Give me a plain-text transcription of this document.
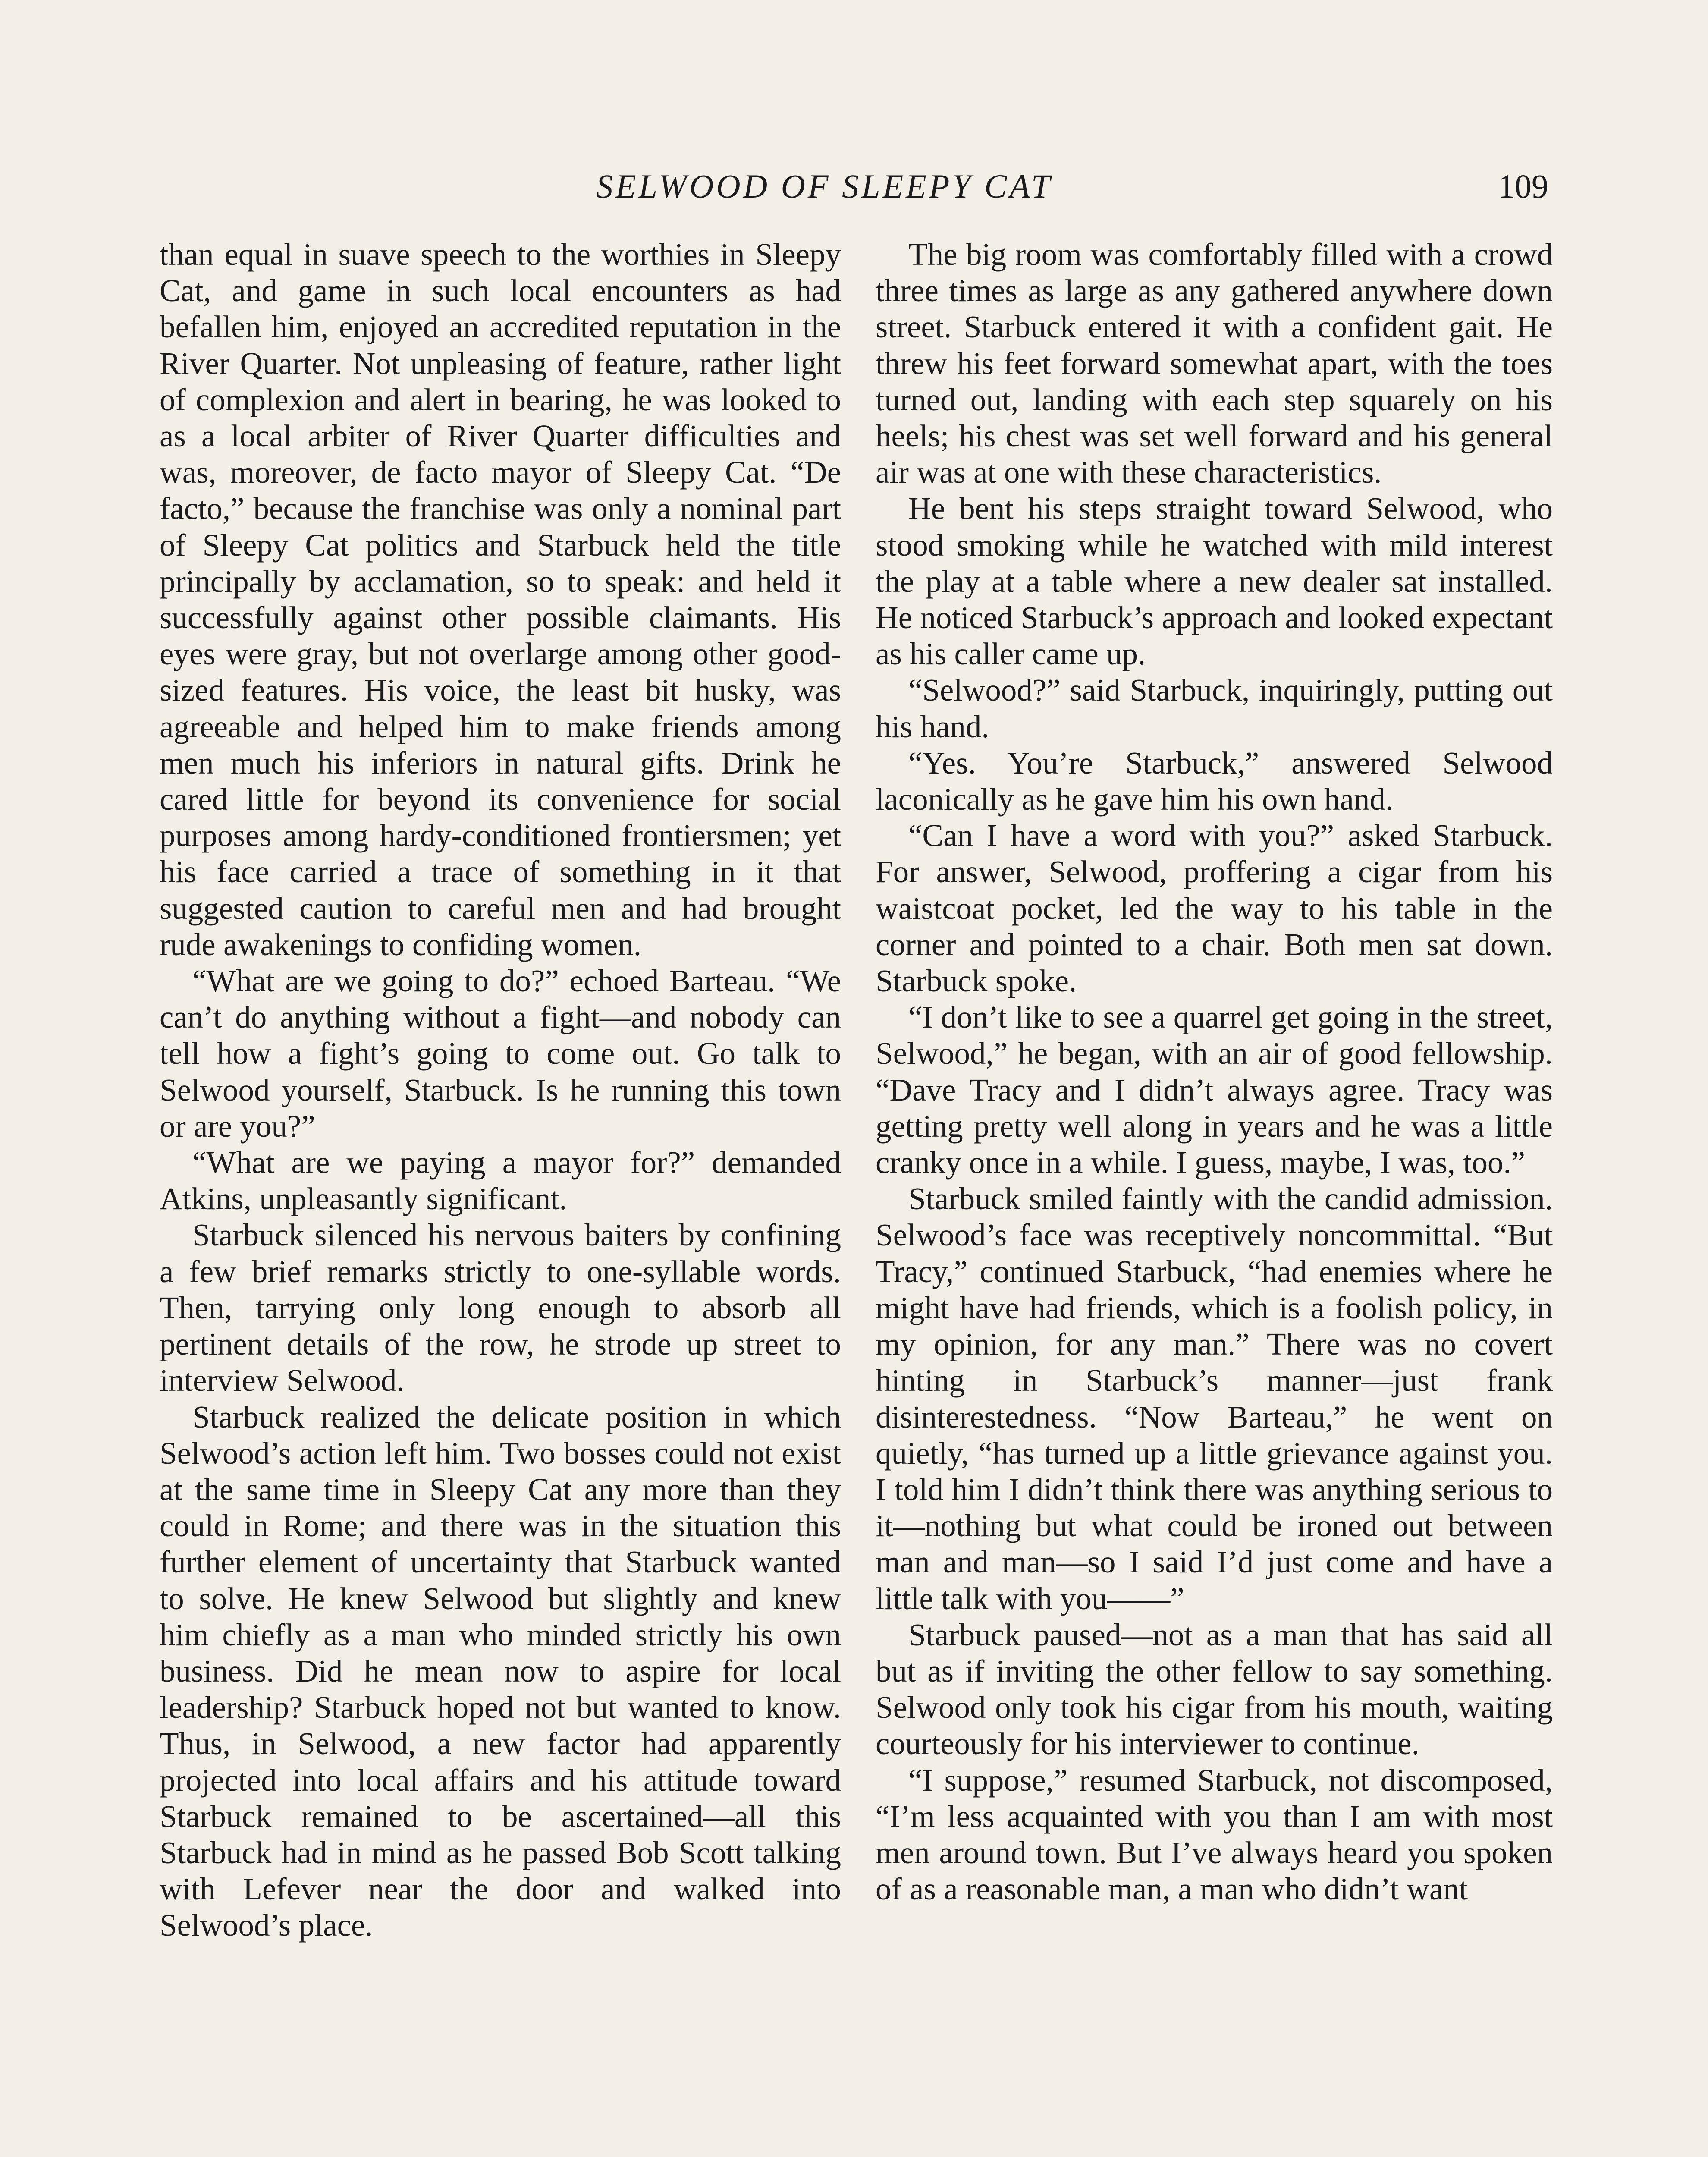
SELWOOD OF SLEEPY CAT	109

than equal in suave speech to the worthies in Sleepy Cat, and game in such local encounters as had befallen him, enjoyed an accredited reputation in the River Quarter. Not unpleasing of feature, rather light of complexion and alert in bearing, he was looked to as a local arbiter of River Quarter difficulties and was, moreover, de facto mayor of Sleepy Cat. “De facto,” because the franchise was only a nominal part of Sleepy Cat politics and Starbuck held the title principally by acclamation, so to speak: and held it successfully against other possible claimants. His eyes were gray, but not overlarge among other good-sized features. His voice, the least bit husky, was agreeable and helped him to make friends among men much his inferiors in natural gifts. Drink he cared little for beyond its convenience for social purposes among hardy-conditioned frontiersmen; yet his face carried a trace of something in it that suggested caution to careful men and had brought rude awakenings to confiding women.

“What are we going to do?” echoed Barteau. “We can’t do anything without a fight—and nobody can tell how a fight’s going to come out. Go talk to Selwood yourself, Starbuck. Is he running this town or are you?”

“What are we paying a mayor for?” demanded Atkins, unpleasantly significant.

Starbuck silenced his nervous baiters by confining a few brief remarks strictly to one-syllable words. Then, tarrying only long enough to absorb all pertinent details of the row, he strode up street to interview Selwood.

Starbuck realized the delicate position in which Selwood’s action left him. Two bosses could not exist at the same time in Sleepy Cat any more than they could in Rome; and there was in the situation this further element of uncertainty that Starbuck wanted to solve. He knew Selwood but slightly and knew him chiefly as a man who minded strictly his own business. Did he mean now to aspire for local leadership? Starbuck hoped not but wanted to know. Thus, in Selwood, a new factor had apparently projected into local affairs and his attitude toward Starbuck remained to be ascertained—all this Starbuck had in mind as he passed Bob Scott talking with Lefever near the door and walked into Selwood’s place.

The big room was comfortably filled with a crowd three times as large as any gathered anywhere down street. Starbuck entered it with a confident gait. He threw his feet forward somewhat apart, with the toes turned out, landing with each step squarely on his heels; his chest was set well forward and his general air was at one with these characteristics.

He bent his steps straight toward Selwood, who stood smoking while he watched with mild interest the play at a table where a new dealer sat installed. He noticed Starbuck’s approach and looked expectant as his caller came up.

“Selwood?” said Starbuck, inquiringly, putting out his hand.

“Yes. You’re Starbuck,” answered Selwood laconically as he gave him his own hand.

“Can I have a word with you?” asked Starbuck. For answer, Selwood, proffering a cigar from his waistcoat pocket, led the way to his table in the corner and pointed to a chair. Both men sat down. Starbuck spoke.

“I don’t like to see a quarrel get going in the street, Selwood,” he began, with an air of good fellowship. “Dave Tracy and I didn’t always agree. Tracy was getting pretty well along in years and he was a little cranky once in a while. I guess, maybe, I was, too.”

Starbuck smiled faintly with the candid admission. Selwood’s face was receptively noncommittal. “But Tracy,” continued Starbuck, “had enemies where he might have had friends, which is a foolish policy, in my opinion, for any man.” There was no covert hinting in Starbuck’s manner—just frank disinterestedness. “Now Barteau,” he went on quietly, “has turned up a little grievance against you. I told him I didn’t think there was anything serious to it—nothing but what could be ironed out between man and man—so I said I’d just come and have a little talk with you——”

Starbuck paused—not as a man that has said all but as if inviting the other fellow to say something. Selwood only took his cigar from his mouth, waiting courteously for his interviewer to continue.

“I suppose,” resumed Starbuck, not discomposed, “I’m less acquainted with you than I am with most men around town. But I’ve always heard you spoken of as a reasonable man, a man who didn’t want
